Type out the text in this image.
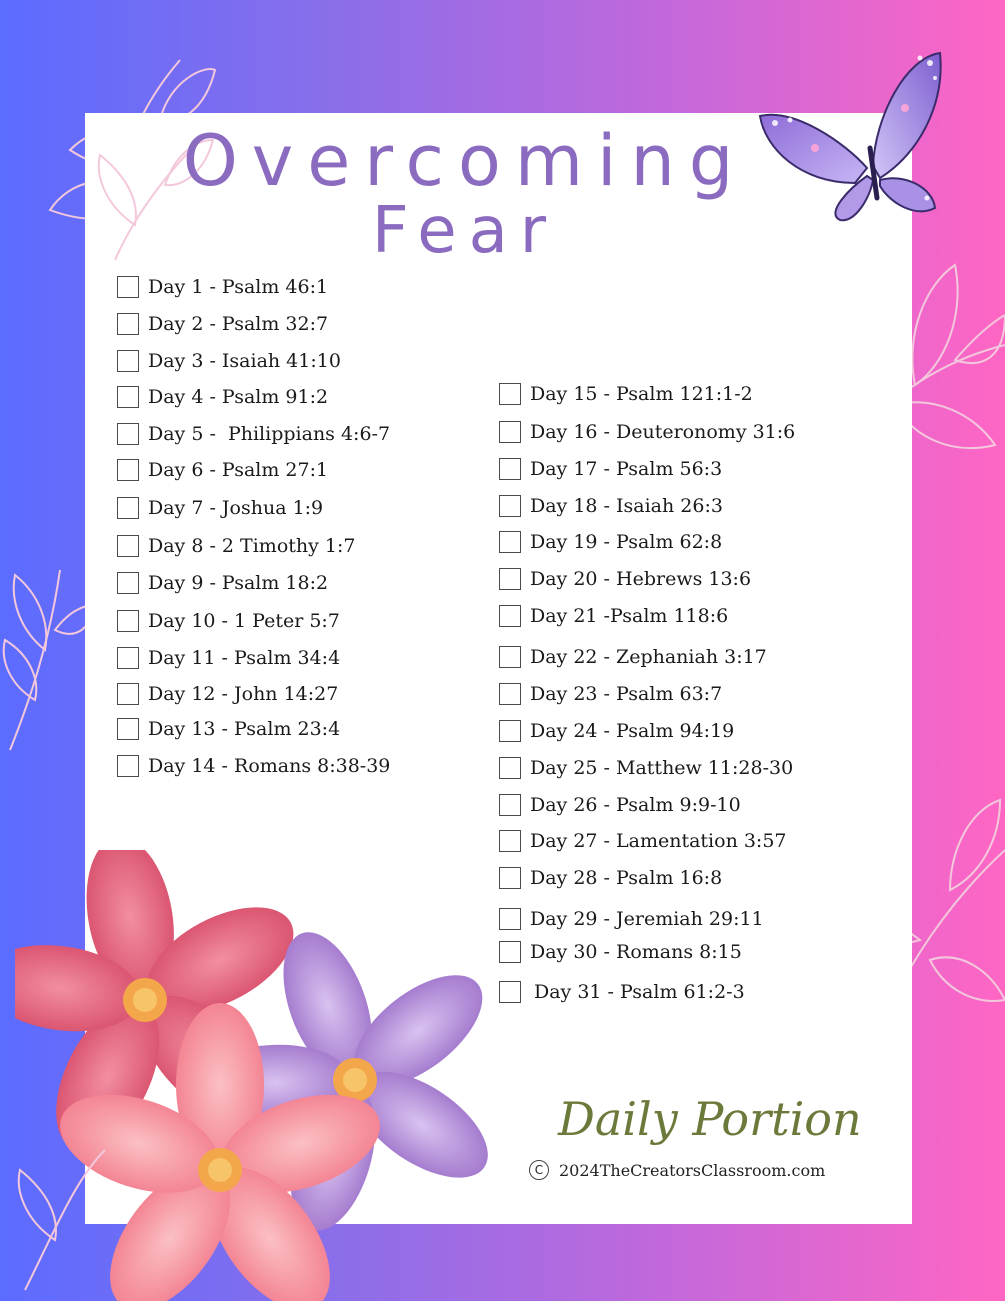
Overcoming
Fear
Day 1 - Psalm 46:1
Day 2 - Psalm 32:7
Day 3 - Isaiah 41:10
Day 4 - Psalm 91:2
Day 5 -  Philippians 4:6-7
Day 6 - Psalm 27:1
Day 7 - Joshua 1:9
Day 8 - 2 Timothy 1:7
Day 9 - Psalm 18:2
Day 10 - 1 Peter 5:7
Day 11 - Psalm 34:4
Day 12 - John 14:27
Day 13 - Psalm 23:4
Day 14 - Romans 8:38-39
Day 15 - Psalm 121:1-2
Day 16 - Deuteronomy 31:6
Day 17 - Psalm 56:3
Day 18 - Isaiah 26:3
Day 19 - Psalm 62:8
Day 20 - Hebrews 13:6
Day 21 -Psalm 118:6
Day 22 - Zephaniah 3:17
Day 23 - Psalm 63:7
Day 24 - Psalm 94:19
Day 25 - Matthew 11:28-30
Day 26 - Psalm 9:9-10
Day 27 - Lamentation 3:57
Day 28 - Psalm 16:8
Day 29 - Jeremiah 29:11
Day 30 - Romans 8:15
Day 31 - Psalm 61:2-3
Daily Portion
C 2024TheCreatorsClassroom.com
